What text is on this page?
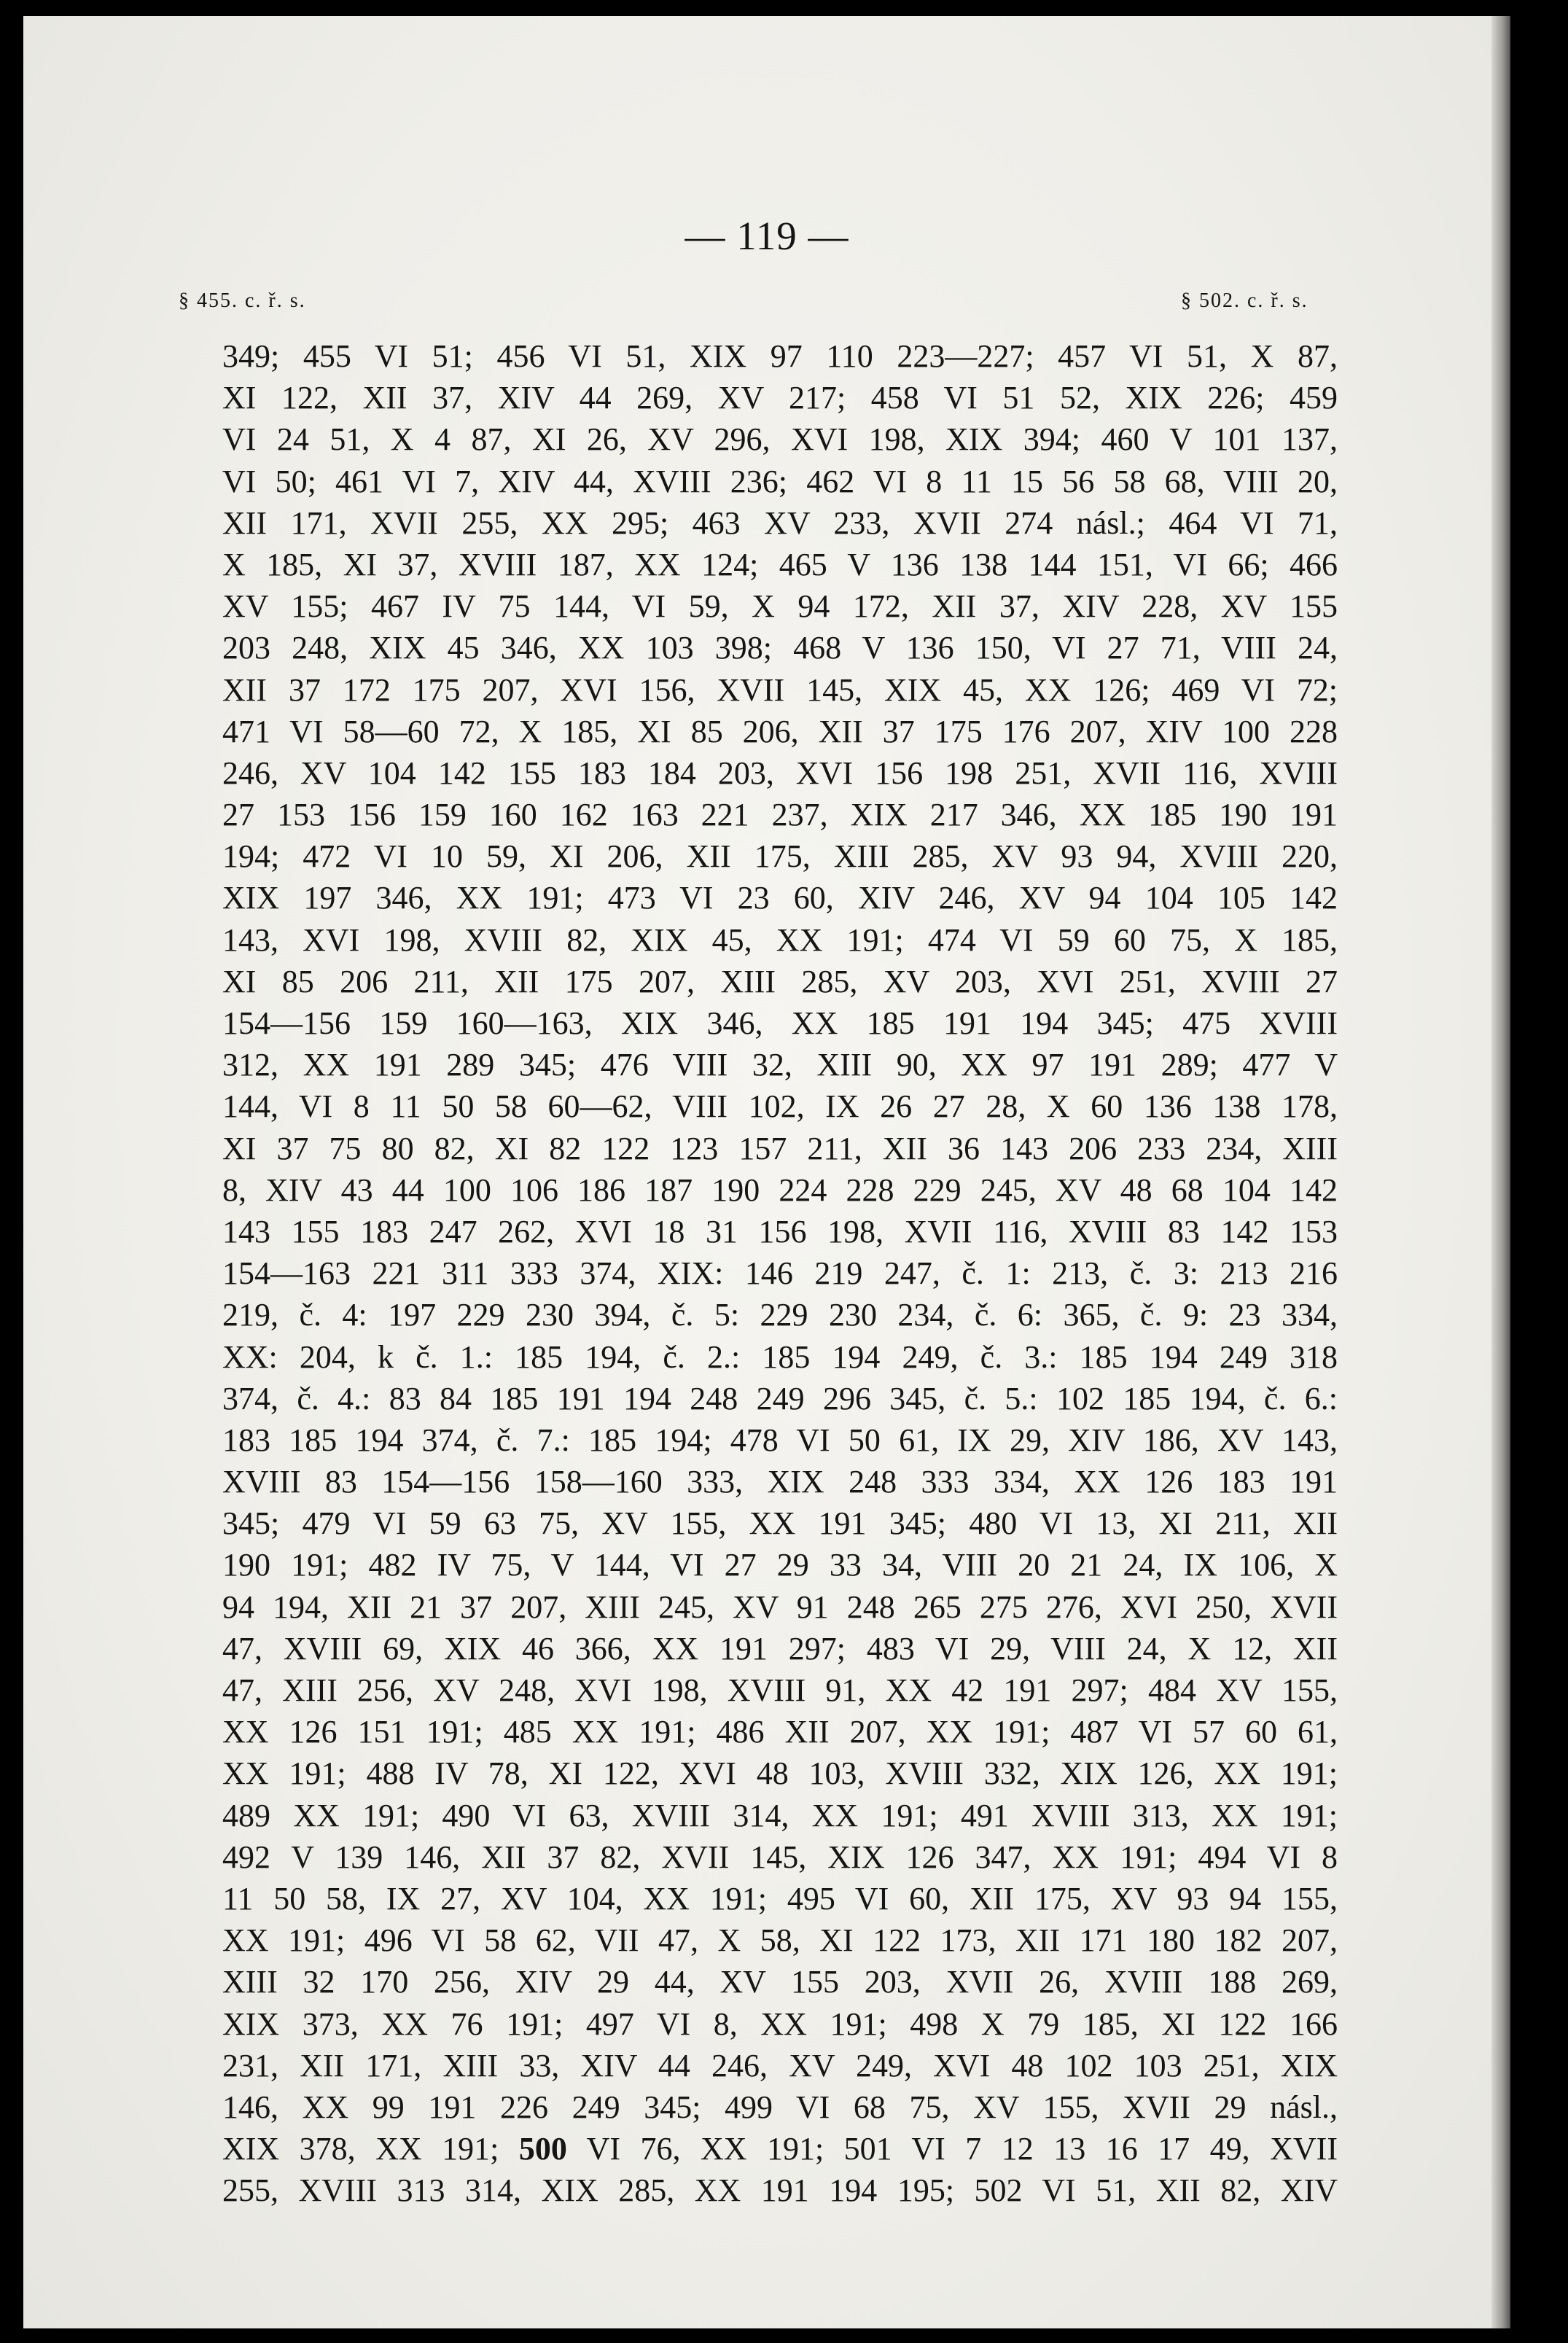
— 119 —
§ 455. c. ř. s.	§ 502. c. ř. s.
349; 455 VI 51; 456 VI 51, XIX 97 110 223—227; 457 VI 51, X 87,
XI 122, XII 37, XIV 44 269, XV 217; 458 VI 51 52, XIX 226; 459
VI 24 51, X 4 87, XI 26, XV 296, XVI 198, XIX 394; 460 V 101 137,
VI 50; 461 VI 7, XIV 44, XVIII 236; 462 VI 8 11 15 56 58 68, VIII 20,
XII 171, XVII 255, XX 295; 463 XV 233, XVII 274 násl.; 464 VI 71,
X 185, XI 37, XVIII 187, XX 124; 465 V 136 138 144 151, VI 66; 466
XV 155; 467 IV 75 144, VI 59, X 94 172, XII 37, XIV 228, XV 155
203 248, XIX 45 346, XX 103 398; 468 V 136 150, VI 27 71, VIII 24,
XII 37 172 175 207, XVI 156, XVII 145, XIX 45, XX 126; 469 VI 72;
471 VI 58—60 72, X 185, XI 85 206, XII 37 175 176 207, XIV 100 228
246, XV 104 142 155 183 184 203, XVI 156 198 251, XVII 116, XVIII
27 153 156 159 160 162 163 221 237, XIX 217 346, XX 185 190 191
194; 472 VI 10 59, XI 206, XII 175, XIII 285, XV 93 94, XVIII 220,
XIX 197 346, XX 191; 473 VI 23 60, XIV 246, XV 94 104 105 142
143, XVI 198, XVIII 82, XIX 45, XX 191; 474 VI 59 60 75, X 185,
XI 85 206 211, XII 175 207, XIII 285, XV 203, XVI 251, XVIII 27
154—156 159 160—163, XIX 346, XX 185 191 194 345; 475 XVIII
312, XX 191 289 345; 476 VIII 32, XIII 90, XX 97 191 289; 477 V
144, VI 8 11 50 58 60—62, VIII 102, IX 26 27 28, X 60 136 138 178,
XI 37 75 80 82, XI 82 122 123 157 211, XII 36 143 206 233 234, XIII
8, XIV 43 44 100 106 186 187 190 224 228 229 245, XV 48 68 104 142
143 155 183 247 262, XVI 18 31 156 198, XVII 116, XVIII 83 142 153
154—163 221 311 333 374, XIX: 146 219 247, č. 1: 213, č. 3: 213 216
219, č. 4: 197 229 230 394, č. 5: 229 230 234, č. 6: 365, č. 9: 23 334,
XX: 204, k č. 1.: 185 194, č. 2.: 185 194 249, č. 3.: 185 194 249 318
374, č. 4.: 83 84 185 191 194 248 249 296 345, č. 5.: 102 185 194, č. 6.:
183 185 194 374, č. 7.: 185 194; 478 VI 50 61, IX 29, XIV 186, XV 143,
XVIII 83 154—156 158—160 333, XIX 248 333 334, XX 126 183 191
345; 479 VI 59 63 75, XV 155, XX 191 345; 480 VI 13, XI 211, XII
190 191; 482 IV 75, V 144, VI 27 29 33 34, VIII 20 21 24, IX 106, X
94 194, XII 21 37 207, XIII 245, XV 91 248 265 275 276, XVI 250, XVII
47, XVIII 69, XIX 46 366, XX 191 297; 483 VI 29, VIII 24, X 12, XII
47, XIII 256, XV 248, XVI 198, XVIII 91, XX 42 191 297; 484 XV 155,
XX 126 151 191; 485 XX 191; 486 XII 207, XX 191; 487 VI 57 60 61,
XX 191; 488 IV 78, XI 122, XVI 48 103, XVIII 332, XIX 126, XX 191;
489 XX 191; 490 VI 63, XVIII 314, XX 191; 491 XVIII 313, XX 191;
492 V 139 146, XII 37 82, XVII 145, XIX 126 347, XX 191; 494 VI 8
11 50 58, IX 27, XV 104, XX 191; 495 VI 60, XII 175, XV 93 94 155,
XX 191; 496 VI 58 62, VII 47, X 58, XI 122 173, XII 171 180 182 207,
XIII 32 170 256, XIV 29 44, XV 155 203, XVII 26, XVIII 188 269,
XIX 373, XX 76 191; 497 VI 8, XX 191; 498 X 79 185, XI 122 166
231, XII 171, XIII 33, XIV 44 246, XV 249, XVI 48 102 103 251, XIX
146, XX 99 191 226 249 345; 499 VI 68 75, XV 155, XVII 29 násl.,
XIX 378, XX 191; 500 VI 76, XX 191; 501 VI 7 12 13 16 17 49, XVII
255, XVIII 313 314, XIX 285, XX 191 194 195; 502 VI 51, XII 82, XIV
